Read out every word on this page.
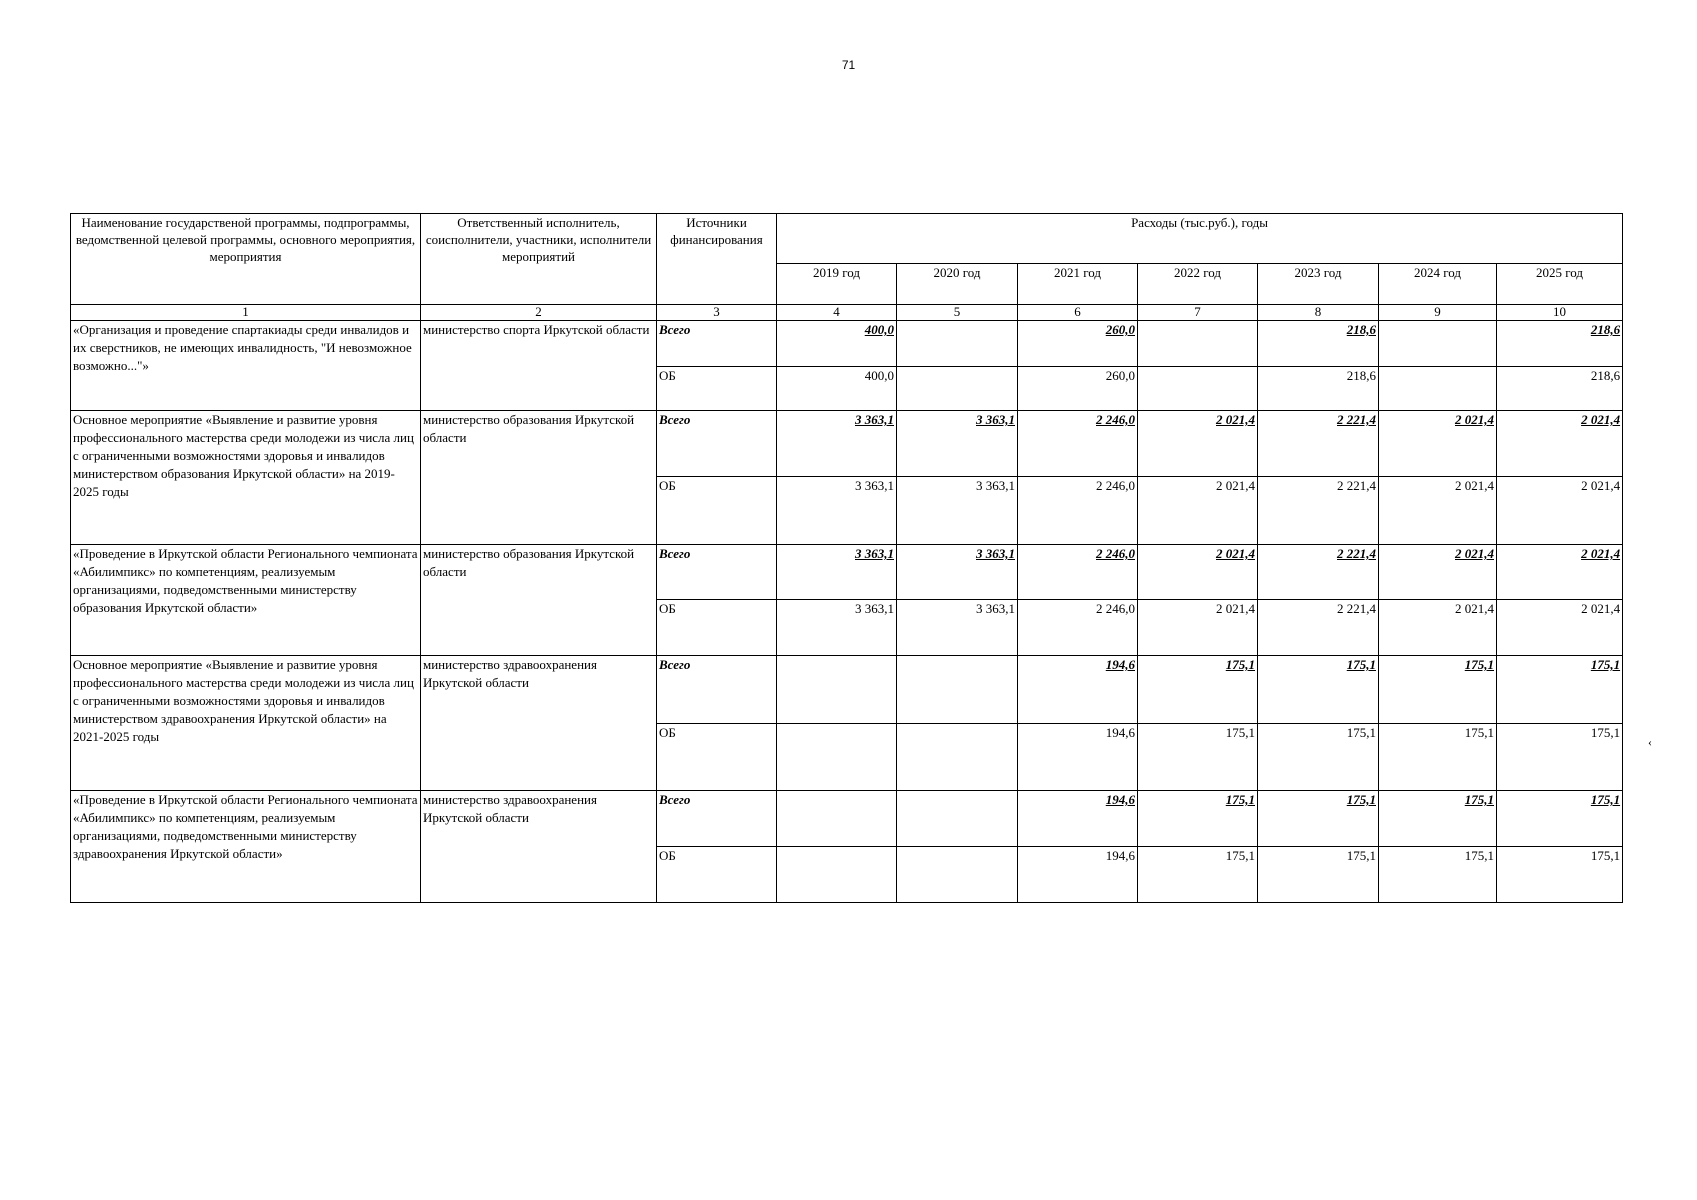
71
‹
Наименование государственой программы, подпрограммы, ведомственной целевой программы, основного мероприятия, мероприятия	Ответственный исполнитель, соисполнители, участники, исполнители мероприятий	Источники финансирования	Расходы (тыс.руб.), годы						
			2019 год	2020 год	2021 год	2022 год	2023 год	2024 год	2025 год
1	2	3	4	5	6	7	8	9	10
«Организация и проведение спартакиады среди инвалидов и их сверстников, не имеющих инвалидность, "И невозможное возможно..."»	министерство спорта Иркутской области	Всего	400,0		260,0		218,6		218,6
		ОБ	400,0		260,0		218,6		218,6
Основное мероприятие «Выявление и развитие уровня профессионального мастерства среди молодежи из числа лиц с ограниченными возможностями здоровья и инвалидов министерством образования Иркутской области» на 2019-2025 годы	министерство образования Иркутской области	Всего	3 363,1	3 363,1	2 246,0	2 021,4	2 221,4	2 021,4	2 021,4
		ОБ	3 363,1	3 363,1	2 246,0	2 021,4	2 221,4	2 021,4	2 021,4
«Проведение в Иркутской области Регионального чемпионата «Абилимпикс» по компетенциям, реализуемым организациями, подведомственными министерству образования Иркутской области»	министерство образования Иркутской области	Всего	3 363,1	3 363,1	2 246,0	2 021,4	2 221,4	2 021,4	2 021,4
		ОБ	3 363,1	3 363,1	2 246,0	2 021,4	2 221,4	2 021,4	2 021,4
Основное мероприятие «Выявление и развитие уровня профессионального мастерства среди молодежи из числа лиц с ограниченными возможностями здоровья и инвалидов министерством здравоохранения Иркутской области» на 2021-2025 годы	министерство здравоохранения Иркутской области	Всего			194,6	175,1	175,1	175,1	175,1
		ОБ			194,6	175,1	175,1	175,1	175,1
«Проведение в Иркутской области Регионального чемпионата «Абилимпикс» по компетенциям, реализуемым организациями, подведомственными министерству здравоохранения Иркутской области»	министерство здравоохранения Иркутской области	Всего			194,6	175,1	175,1	175,1	175,1
		ОБ			194,6	175,1	175,1	175,1	175,1
